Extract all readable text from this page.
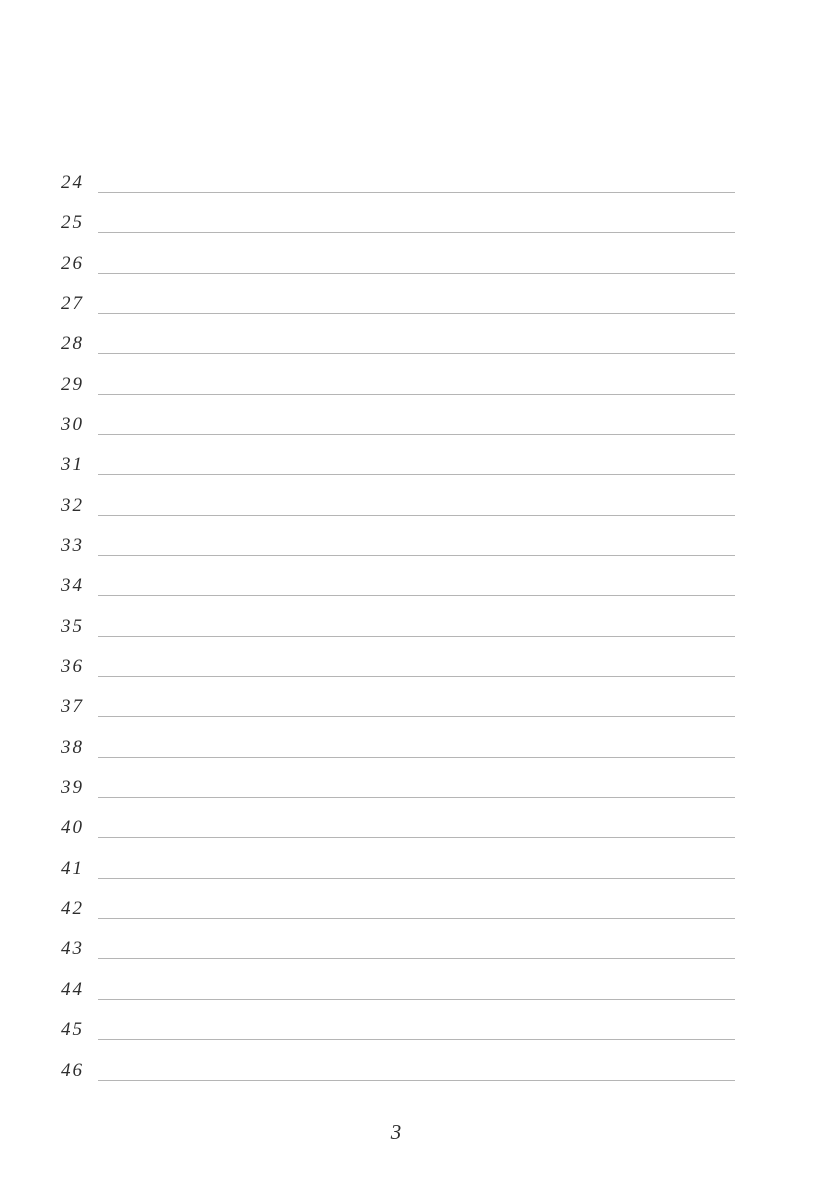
24
25
26
27
28
29
30
31
32
33
34
35
36
37
38
39
40
41
42
43
44
45
46
3
